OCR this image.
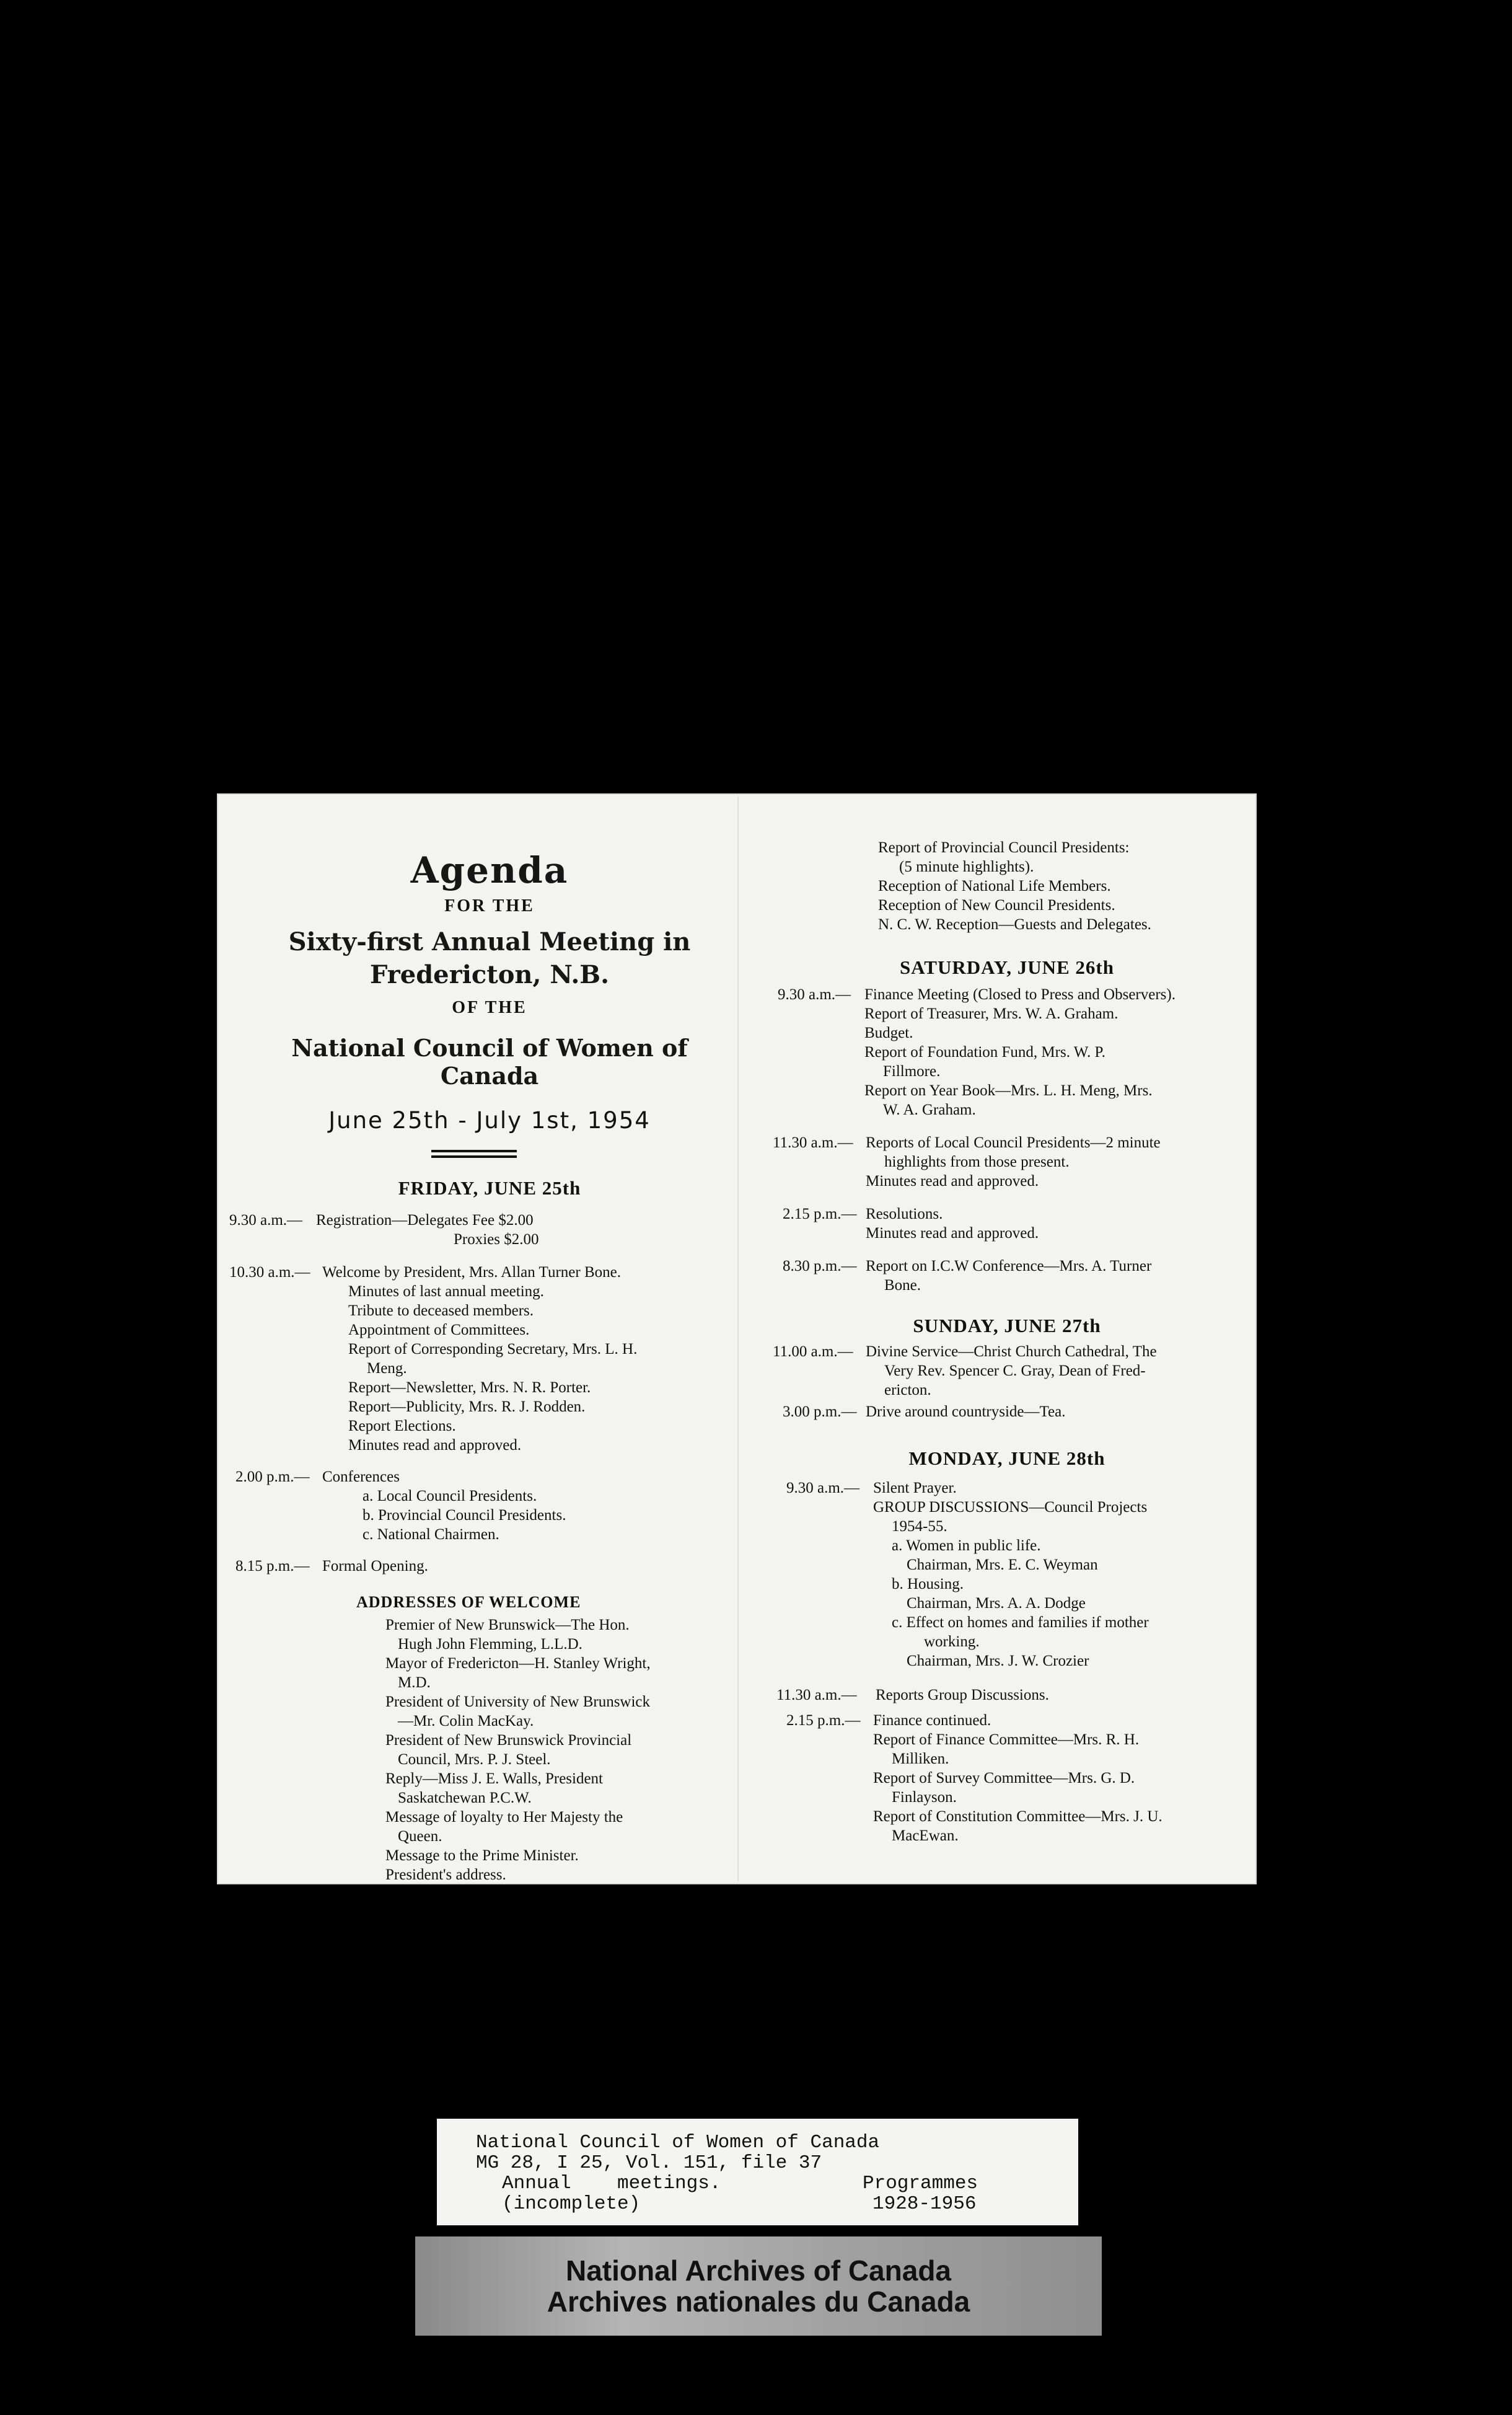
Agenda
FOR THE
Sixty-first Annual Meeting in
Fredericton, N.B.
OF THE
National Council of Women of Canada
June 25th - July 1st, 1954
FRIDAY, JUNE 25th
9.30 a.m.— Registration—Delegates Fee $2.00
Proxies $2.00
10.30 a.m.— Welcome by President, Mrs. Allan Turner Bone.
Minutes of last annual meeting.
Tribute to deceased members.
Appointment of Committees.
Report of Corresponding Secretary, Mrs. L. H.
Meng.
Report—Newsletter, Mrs. N. R. Porter.
Report—Publicity, Mrs. R. J. Rodden.
Report Elections.
Minutes read and approved.
2.00 p.m.— Conferences
a. Local Council Presidents.
b. Provincial Council Presidents.
c. National Chairmen.
8.15 p.m.— Formal Opening.
ADDRESSES OF WELCOME
Premier of New Brunswick—The Hon.
Hugh John Flemming, L.L.D.
Mayor of Fredericton—H. Stanley Wright,
M.D.
President of University of New Brunswick
—Mr. Colin MacKay.
President of New Brunswick Provincial
Council, Mrs. P. J. Steel.
Reply—Miss J. E. Walls, President
Saskatchewan P.C.W.
Message of loyalty to Her Majesty the
Queen.
Message to the Prime Minister.
President's address.
Report of Provincial Council Presidents:
(5 minute highlights).
Reception of National Life Members.
Reception of New Council Presidents.
N. C. W. Reception—Guests and Delegates.
SATURDAY, JUNE 26th
9.30 a.m.— Finance Meeting (Closed to Press and Observers).
Report of Treasurer, Mrs. W. A. Graham.
Budget.
Report of Foundation Fund, Mrs. W. P.
Fillmore.
Report on Year Book—Mrs. L. H. Meng, Mrs.
W. A. Graham.
11.30 a.m.— Reports of Local Council Presidents—2 minute
highlights from those present.
Minutes read and approved.
2.15 p.m.— Resolutions.
Minutes read and approved.
8.30 p.m.— Report on I.C.W Conference—Mrs. A. Turner
Bone.
SUNDAY, JUNE 27th
11.00 a.m.— Divine Service—Christ Church Cathedral, The
Very Rev. Spencer C. Gray, Dean of Fred-
ericton.
3.00 p.m.— Drive around countryside—Tea.
MONDAY, JUNE 28th
9.30 a.m.— Silent Prayer.
GROUP DISCUSSIONS—Council Projects
1954-55.
a. Women in public life.
Chairman, Mrs. E. C. Weyman
b. Housing.
Chairman, Mrs. A. A. Dodge
c. Effect on homes and families if mother
working.
Chairman, Mrs. J. W. Crozier
11.30 a.m.—	Reports Group Discussions.
2.15 p.m.— Finance continued.
Report of Finance Committee—Mrs. R. H.
Milliken.
Report of Survey Committee—Mrs. G. D.
Finlayson.
Report of Constitution Committee—Mrs. J. U.
MacEwan.
National Council of Women of Canada
MG 28, I 25, Vol. 151, file 37
Annual    meetings.	Programmes
(incomplete)	1928-1956
National Archives of Canada
Archives nationales du Canada
